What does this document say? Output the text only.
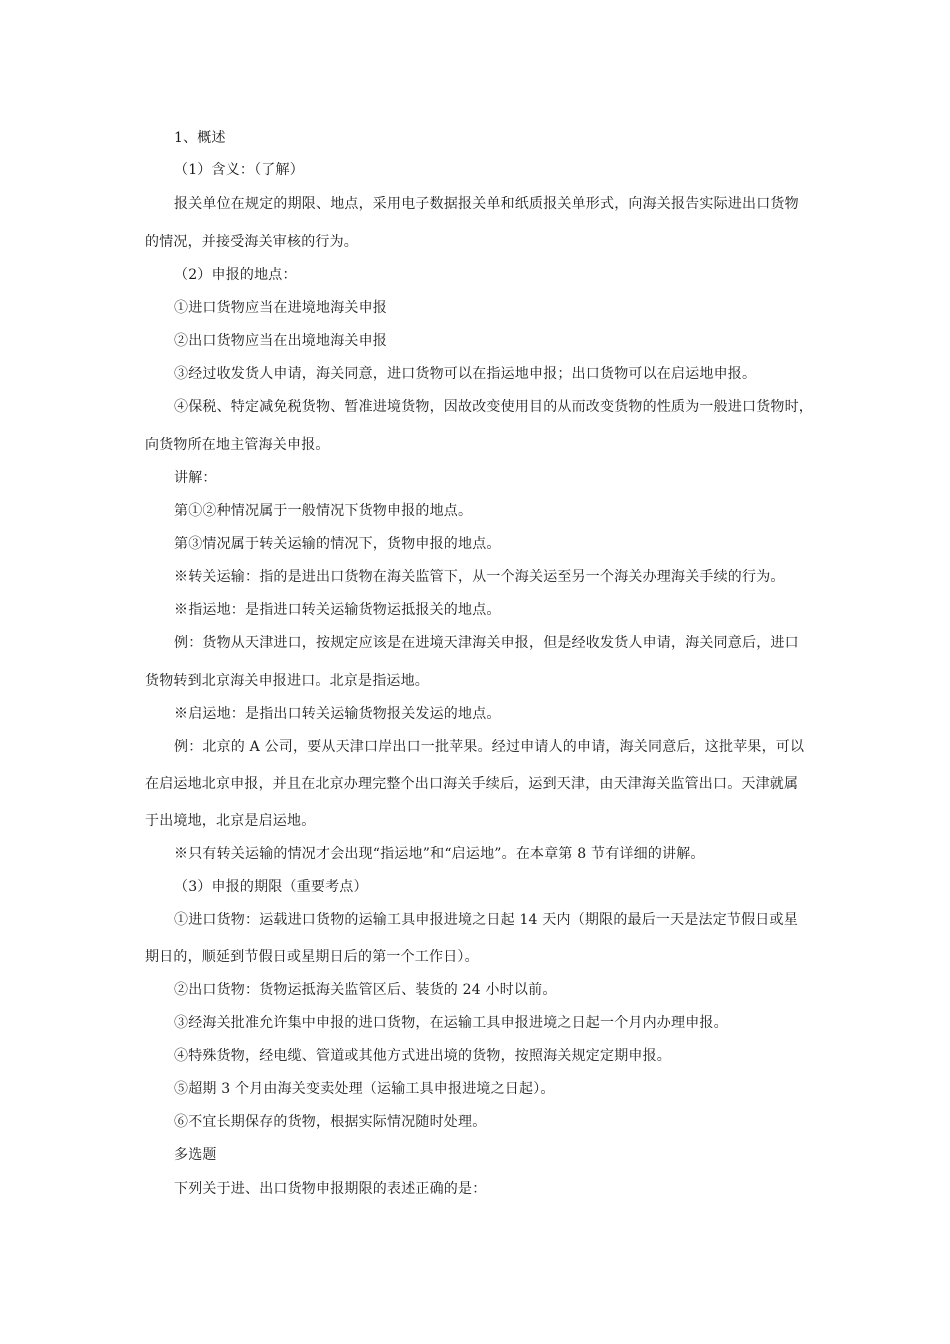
1、概述
（1）含义：（了解）
报关单位在规定的期限、地点，采用电子数据报关单和纸质报关单形式，向海关报告实际进出口货物
的情况，并接受海关审核的行为。
（2）申报的地点：
①进口货物应当在进境地海关申报
②出口货物应当在出境地海关申报
③经过收发货人申请，海关同意，进口货物可以在指运地申报；出口货物可以在启运地申报。
④保税、特定减免税货物、暂准进境货物，因故改变使用目的从而改变货物的性质为一般进口货物时，
向货物所在地主管海关申报。
讲解：
第①②种情况属于一般情况下货物申报的地点。
第③情况属于转关运输的情况下，货物申报的地点。
※转关运输：指的是进出口货物在海关监管下，从一个海关运至另一个海关办理海关手续的行为。
※指运地：是指进口转关运输货物运抵报关的地点。
例：货物从天津进口，按规定应该是在进境天津海关申报，但是经收发货人申请，海关同意后，进口
货物转到北京海关申报进口。北京是指运地。
※启运地：是指出口转关运输货物报关发运的地点。
例：北京的 A 公司，要从天津口岸出口一批苹果。经过申请人的申请，海关同意后，这批苹果，可以
在启运地北京申报，并且在北京办理完整个出口海关手续后，运到天津，由天津海关监管出口。天津就属
于出境地，北京是启运地。
※只有转关运输的情况才会出现“指运地”和“启运地”。在本章第 8 节有详细的讲解。
（3）申报的期限（重要考点）
①进口货物：运载进口货物的运输工具申报进境之日起 14 天内（期限的最后一天是法定节假日或星
期日的，顺延到节假日或星期日后的第一个工作日）。
②出口货物：货物运抵海关监管区后、装货的 24 小时以前。
③经海关批准允许集中申报的进口货物，在运输工具申报进境之日起一个月内办理申报。
④特殊货物，经电缆、管道或其他方式进出境的货物，按照海关规定定期申报。
⑤超期 3 个月由海关变卖处理（运输工具申报进境之日起）。
⑥不宜长期保存的货物，根据实际情况随时处理。
多选题
下列关于进、出口货物申报期限的表述正确的是：
